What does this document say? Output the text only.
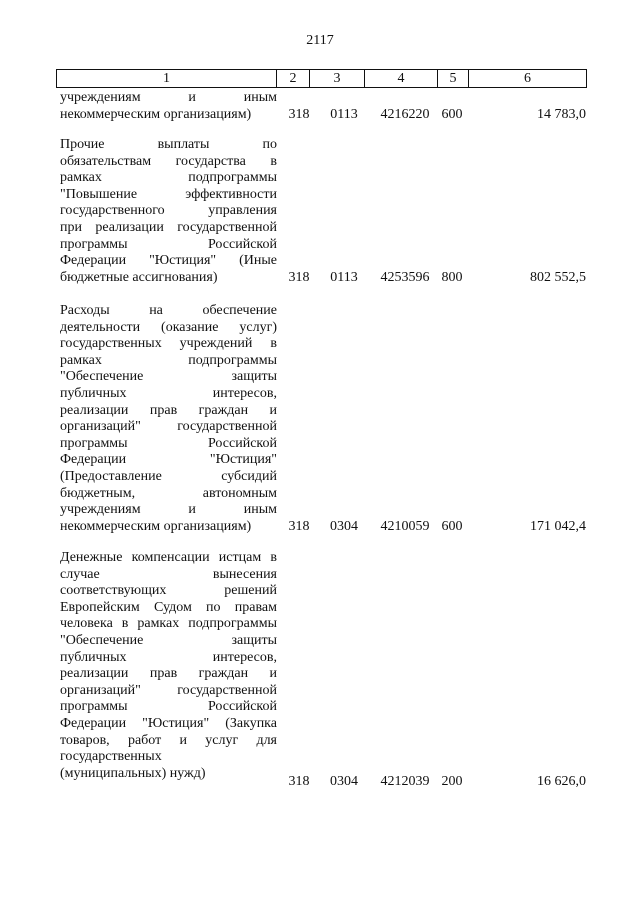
2117
1	2	3	4	5	6
учреждениям и иным
некоммерческим организациям)	318	0113	4216220 600	14 783,0
Прочие выплаты по
обязательствам государства в
рамках подпрограммы
"Повышение эффективности
государственного управления
при реализации государственной
программы Российской
Федерации "Юстиция" (Иные
бюджетные ассигнования)	318	0113	4253596 800	802 552,5
Расходы на обеспечение
деятельности (оказание услуг)
государственных учреждений в
рамках подпрограммы
"Обеспечение защиты
публичных интересов,
реализации прав граждан и
организаций" государственной
программы Российской
Федерации "Юстиция"
(Предоставление субсидий
бюджетным, автономным
учреждениям и иным
некоммерческим организациям)	318	0304	4210059 600	171 042,4
Денежные компенсации истцам в
случае вынесения
соответствующих решений
Европейским Судом по правам
человека в рамках подпрограммы
"Обеспечение защиты
публичных интересов,
реализации прав граждан и
организаций" государственной
программы Российской
Федерации "Юстиция" (Закупка
товаров, работ и услуг для
государственных
(муниципальных) нужд)
318	0304	4212039 200	16 626,0
